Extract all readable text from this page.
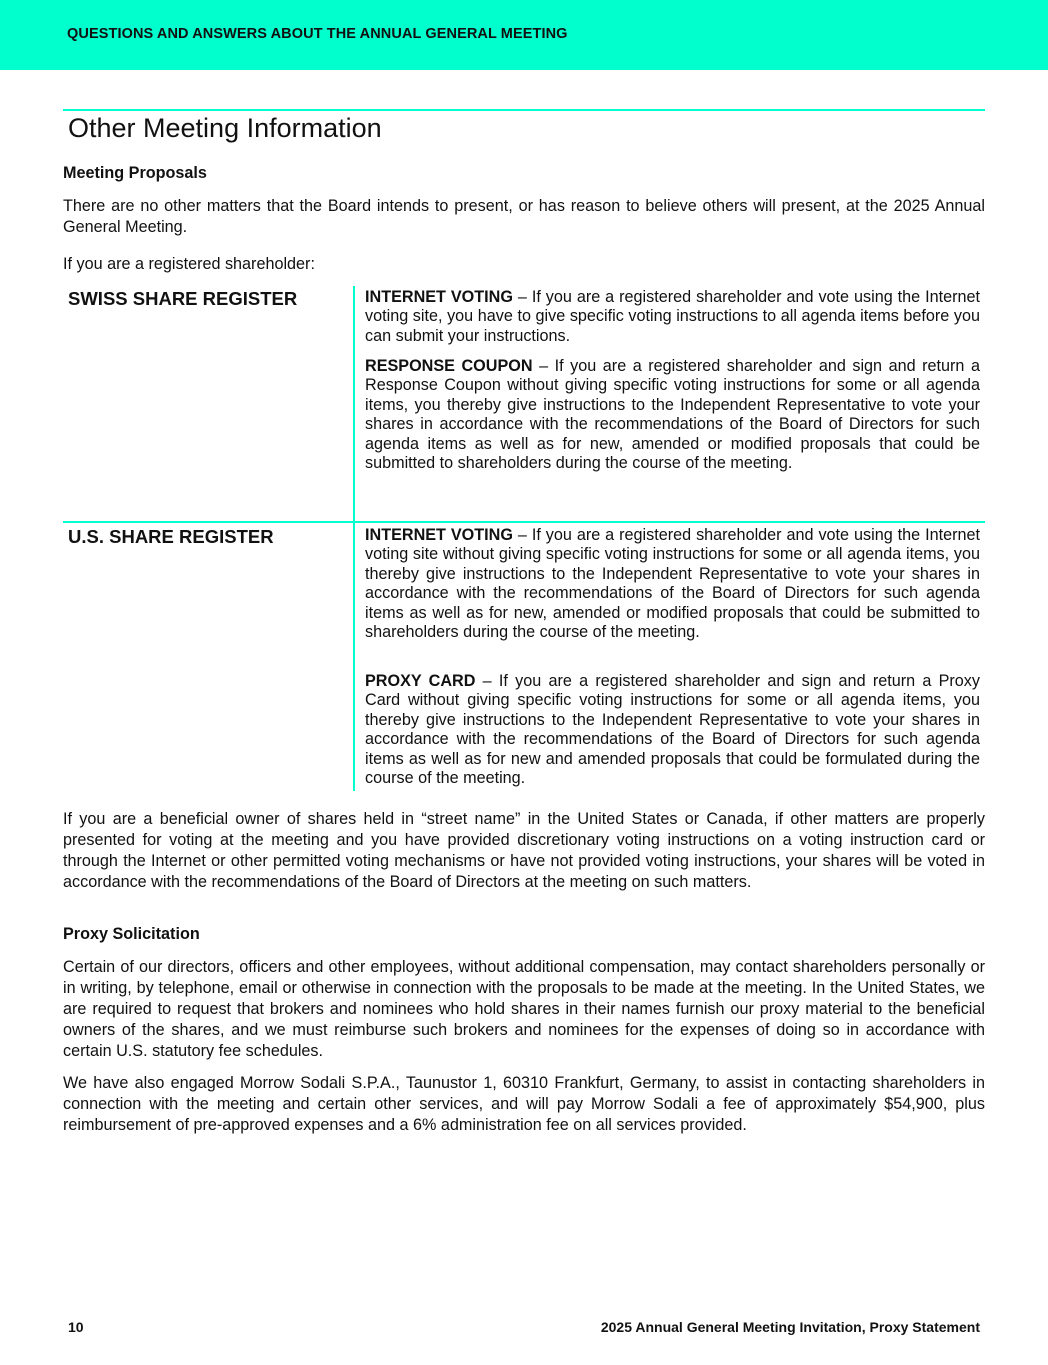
QUESTIONS AND ANSWERS ABOUT THE ANNUAL GENERAL MEETING
Other Meeting Information
Meeting Proposals
There are no other matters that the Board intends to present, or has reason to believe others will present, at the 2025 Annual General Meeting.
If you are a registered shareholder:
SWISS SHARE REGISTER	INTERNET VOTING – If you are a registered shareholder and vote using the Internet voting site, you have to give specific voting instructions to all agenda items before you can submit your instructions.
RESPONSE COUPON – If you are a registered shareholder and sign and return a Response Coupon without giving specific voting instructions for some or all agenda items, you thereby give instructions to the Independent Representative to vote your shares in accordance with the recommendations of the Board of Directors for such agenda items as well as for new, amended or modified proposals that could be submitted to shareholders during the course of the meeting.
U.S. SHARE REGISTER	INTERNET VOTING – If you are a registered shareholder and vote using the Internet voting site without giving specific voting instructions for some or all agenda items, you thereby give instructions to the Independent Representative to vote your shares in accordance with the recommendations of the Board of Directors for such agenda items as well as for new, amended or modified proposals that could be submitted to shareholders during the course of the meeting.
PROXY CARD – If you are a registered shareholder and sign and return a Proxy Card without giving specific voting instructions for some or all agenda items, you thereby give instructions to the Independent Representative to vote your shares in accordance with the recommendations of the Board of Directors for such agenda items as well as for new and amended proposals that could be formulated during the course of the meeting.
If you are a beneficial owner of shares held in “street name” in the United States or Canada, if other matters are properly presented for voting at the meeting and you have provided discretionary voting instructions on a voting instruction card or through the Internet or other permitted voting mechanisms or have not provided voting instructions, your shares will be voted in accordance with the recommendations of the Board of Directors at the meeting on such matters.
Proxy Solicitation
Certain of our directors, officers and other employees, without additional compensation, may contact shareholders personally or in writing, by telephone, email or otherwise in connection with the proposals to be made at the meeting. In the United States, we are required to request that brokers and nominees who hold shares in their names furnish our proxy material to the beneficial owners of the shares, and we must reimburse such brokers and nominees for the expenses of doing so in accordance with certain U.S. statutory fee schedules.
We have also engaged Morrow Sodali S.P.A., Taunustor 1, 60310 Frankfurt, Germany, to assist in contacting shareholders in connection with the meeting and certain other services, and will pay Morrow Sodali a fee of approximately $54,900, plus reimbursement of pre-approved expenses and a 6% administration fee on all services provided.
10	2025 Annual General Meeting Invitation, Proxy Statement
